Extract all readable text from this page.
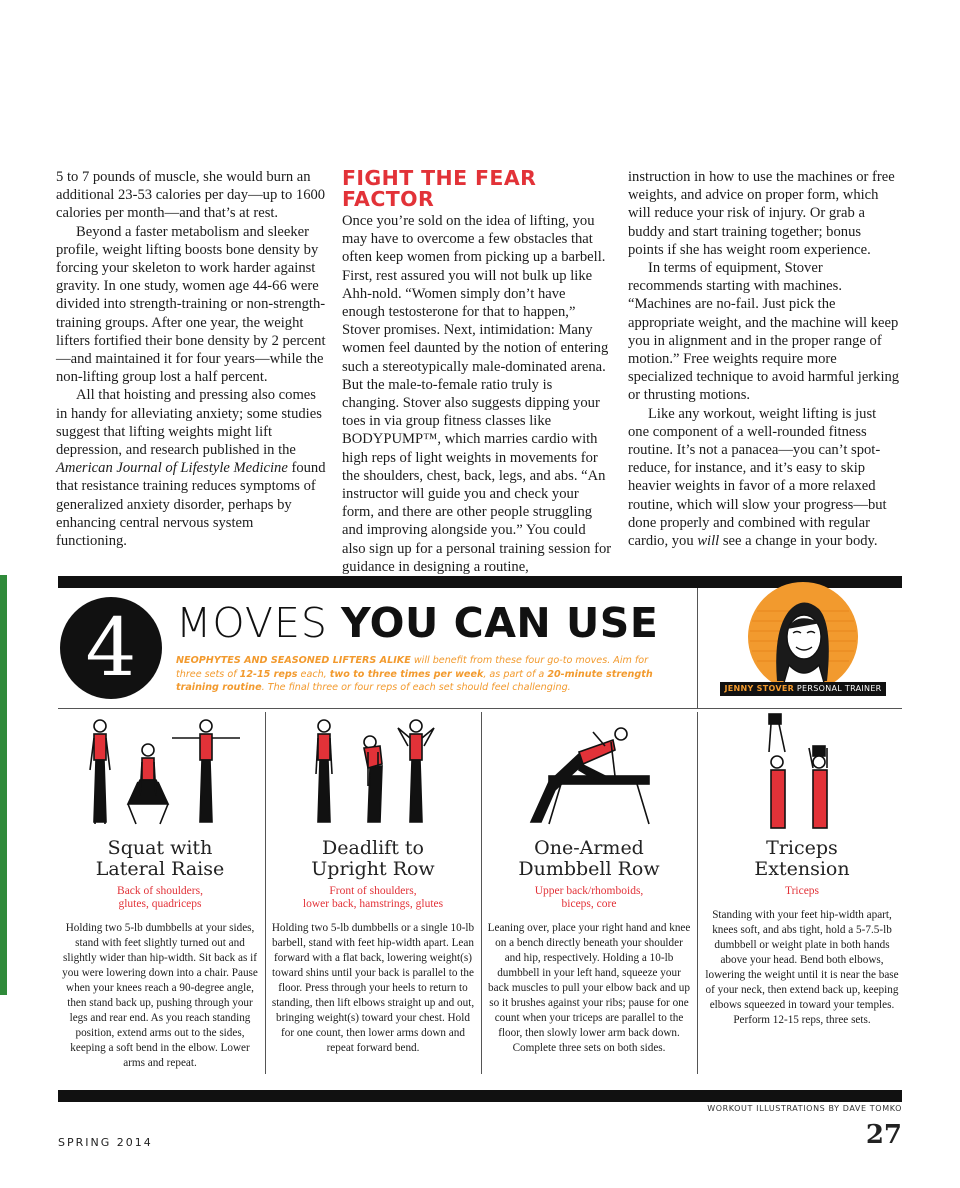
5 to 7 pounds of muscle, she would burn an additional 23-53 calories per day—up to 1600 calories per month—and that’s at rest.

Beyond a faster metabolism and sleeker profile, weight lifting boosts bone density by forcing your skeleton to work harder against gravity. In one study, women age 44-66 were divided into strength-training or non-strength-training groups. After one year, the weight lifters fortified their bone density by 2 percent—and maintained it for four years—while the non-lifting group lost a half percent.

All that hoisting and pressing also comes in handy for alleviating anxiety; some studies suggest that lifting weights might lift depression, and research published in the American Journal of Lifestyle Medicine found that resistance training reduces symptoms of generalized anxiety disorder, perhaps by enhancing central nervous system functioning.

FIGHT THE FEAR FACTOR

Once you’re sold on the idea of lifting, you may have to overcome a few obstacles that often keep women from picking up a barbell. First, rest assured you will not bulk up like Ahh-nold. “Women simply don’t have enough testosterone for that to happen,” Stover promises. Next, intimidation: Many women feel daunted by the notion of entering such a stereotypically male-dominated arena. But the male-to-female ratio truly is changing. Stover also suggests dipping your toes in via group fitness classes like BODYPUMP™, which marries cardio with high reps of light weights in movements for the shoulders, chest, back, legs, and abs. “An instructor will guide you and check your form, and there are other people struggling and improving alongside you.” You could also sign up for a personal training session for guidance in designing a routine,

instruction in how to use the machines or free weights, and advice on proper form, which will reduce your risk of injury. Or grab a buddy and start training together; bonus points if she has weight room experience.

In terms of equipment, Stover recommends starting with machines. “Machines are no-fail. Just pick the appropriate weight, and the machine will keep you in alignment and in the proper range of motion.” Free weights require more specialized technique to avoid harmful jerking or thrusting motions.

Like any workout, weight lifting is just one component of a well-rounded fitness routine. It’s not a panacea—you can’t spot-reduce, for instance, and it’s easy to skip heavier weights in favor of a more relaxed routine, which will slow your progress—but done properly and combined with regular cardio, you will see a change in your body.

4 MOVES YOU CAN USE
NEOPHYTES AND SEASONED LIFTERS ALIKE will benefit from these four go-to moves. Aim for three sets of 12-15 reps each, two to three times per week, as part of a 20-minute strength training routine. The final three or four reps of each set should feel challenging.	JENNY STOVER PERSONAL TRAINER
Squat with
Lateral Raise
Back of shoulders,
glutes, quadriceps
Holding two 5-lb dumbbells at your sides, stand with feet slightly turned out and slightly wider than hip-width. Sit back as if you were lowering down into a chair. Pause when your knees reach a 90-degree angle, then stand back up, pushing through your legs and rear end. As you reach standing position, extend arms out to the sides, keeping a soft bend in the elbow. Lower arms and repeat.
Deadlift to
Upright Row
Front of shoulders,
lower back, hamstrings, glutes
Holding two 5-lb dumbbells or a single 10-lb barbell, stand with feet hip-width apart. Lean forward with a flat back, lowering weight(s) toward shins until your back is parallel to the floor. Press through your heels to return to standing, then lift elbows straight up and out, bringing weight(s) toward your chest. Hold for one count, then lower arms down and repeat forward bend.
One-Armed
Dumbbell Row
Upper back/rhomboids,
biceps, core
Leaning over, place your right hand and knee on a bench directly beneath your shoulder and hip, respectively. Holding a 10-lb dumbbell in your left hand, squeeze your back muscles to pull your elbow back and up so it brushes against your ribs; pause for one count when your triceps are parallel to the floor, then slowly lower arm back down. Complete three sets on both sides.
Triceps
Extension
Triceps
Standing with your feet hip-width apart, knees soft, and abs tight, hold a 5-7.5-lb dumbbell or weight plate in both hands above your head. Bend both elbows, lowering the weight until it is near the base of your neck, then extend back up, keeping elbows squeezed in toward your temples. Perform 12-15 reps, three sets.
WORKOUT ILLUSTRATIONS BY DAVE TOMKO
SPRING 2014	27
